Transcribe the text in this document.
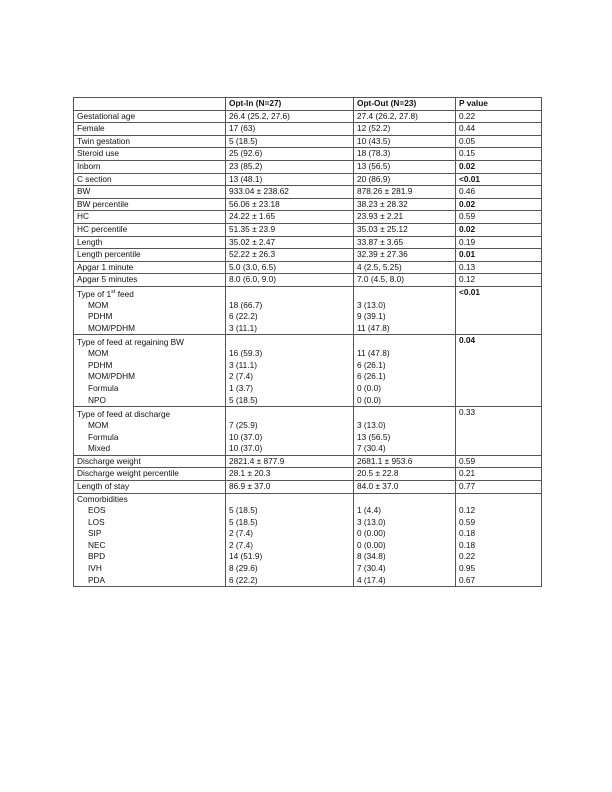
	Opt-In (N=27)	Opt-Out (N=23)	P value
Gestational age	26.4 (25.2, 27.6)	27.4 (26.2, 27.8)	0.22
Female	17 (63)	12 (52.2)	0.44
Twin gestation	5 (18.5)	10 (43.5)	0.05
Steroid use	25 (92.6)	18 (78.3)	0.15
Inborn	23 (85.2)	13 (56.5)	0.02
C section	13 (48.1)	20 (86.9)	<0.01
BW	933.04 ± 238.62	878.26 ± 281.9	0.46
BW percentile	56.06 ± 23.18	38.23 ± 28.32	0.02
HC	24.22 ± 1.65	23.93 ± 2.21	0.59
HC percentile	51.35 ± 23.9	35.03 ± 25.12	0.02
Length	35.02 ± 2.47	33.87 ± 3.65	0.19
Length percentile	52.22 ± 26.3	32.39 ± 27.36	0.01
Apgar 1 minute	5.0 (3.0, 6.5)	4 (2.5, 5.25)	0.13
Apgar 5 minutes	8.0 (6.0, 9.0)	7.0 (4.5, 8.0)	0.12
Type of 1st feed			<0.01
MOM	18 (66.7)	3 (13.0)	
PDHM	6 (22.2)	9 (39.1)	
MOM/PDHM	3 (11.1)	11 (47.8)	
Type of feed at regaining BW			0.04
MOM	16 (59.3)	11 (47.8)	
PDHM	3 (11.1)	6 (26.1)	
MOM/PDHM	2 (7.4)	6 (26.1)	
Formula	1 (3.7)	0 (0.0)	
NPO	5 (18.5)	0 (0.0)	
Type of feed at discharge			0.33
MOM	7 (25.9)	3 (13.0)	
Formula	10 (37.0)	13 (56.5)	
Mixed	10 (37.0)	7 (30.4)	
Discharge weight	2821.4 ± 877.9	2681.1 ± 953.6	0.59
Discharge weight percentile	28.1 ± 20.3	20.5 ± 22.8	0.21
Length of stay	86.9 ± 37.0	84.0 ± 37.0	0.77
Comorbidities			
EOS	5 (18.5)	1 (4.4)	0.12
LOS	5 (18.5)	3 (13.0)	0.59
SIP	2 (7.4)	0 (0.00)	0.18
NEC	2 (7.4)	0 (0.00)	0.18
BPD	14 (51.9)	8 (34.8)	0.22
IVH	8 (29.6)	7 (30.4)	0.95
PDA	6 (22.2)	4 (17.4)	0.67
